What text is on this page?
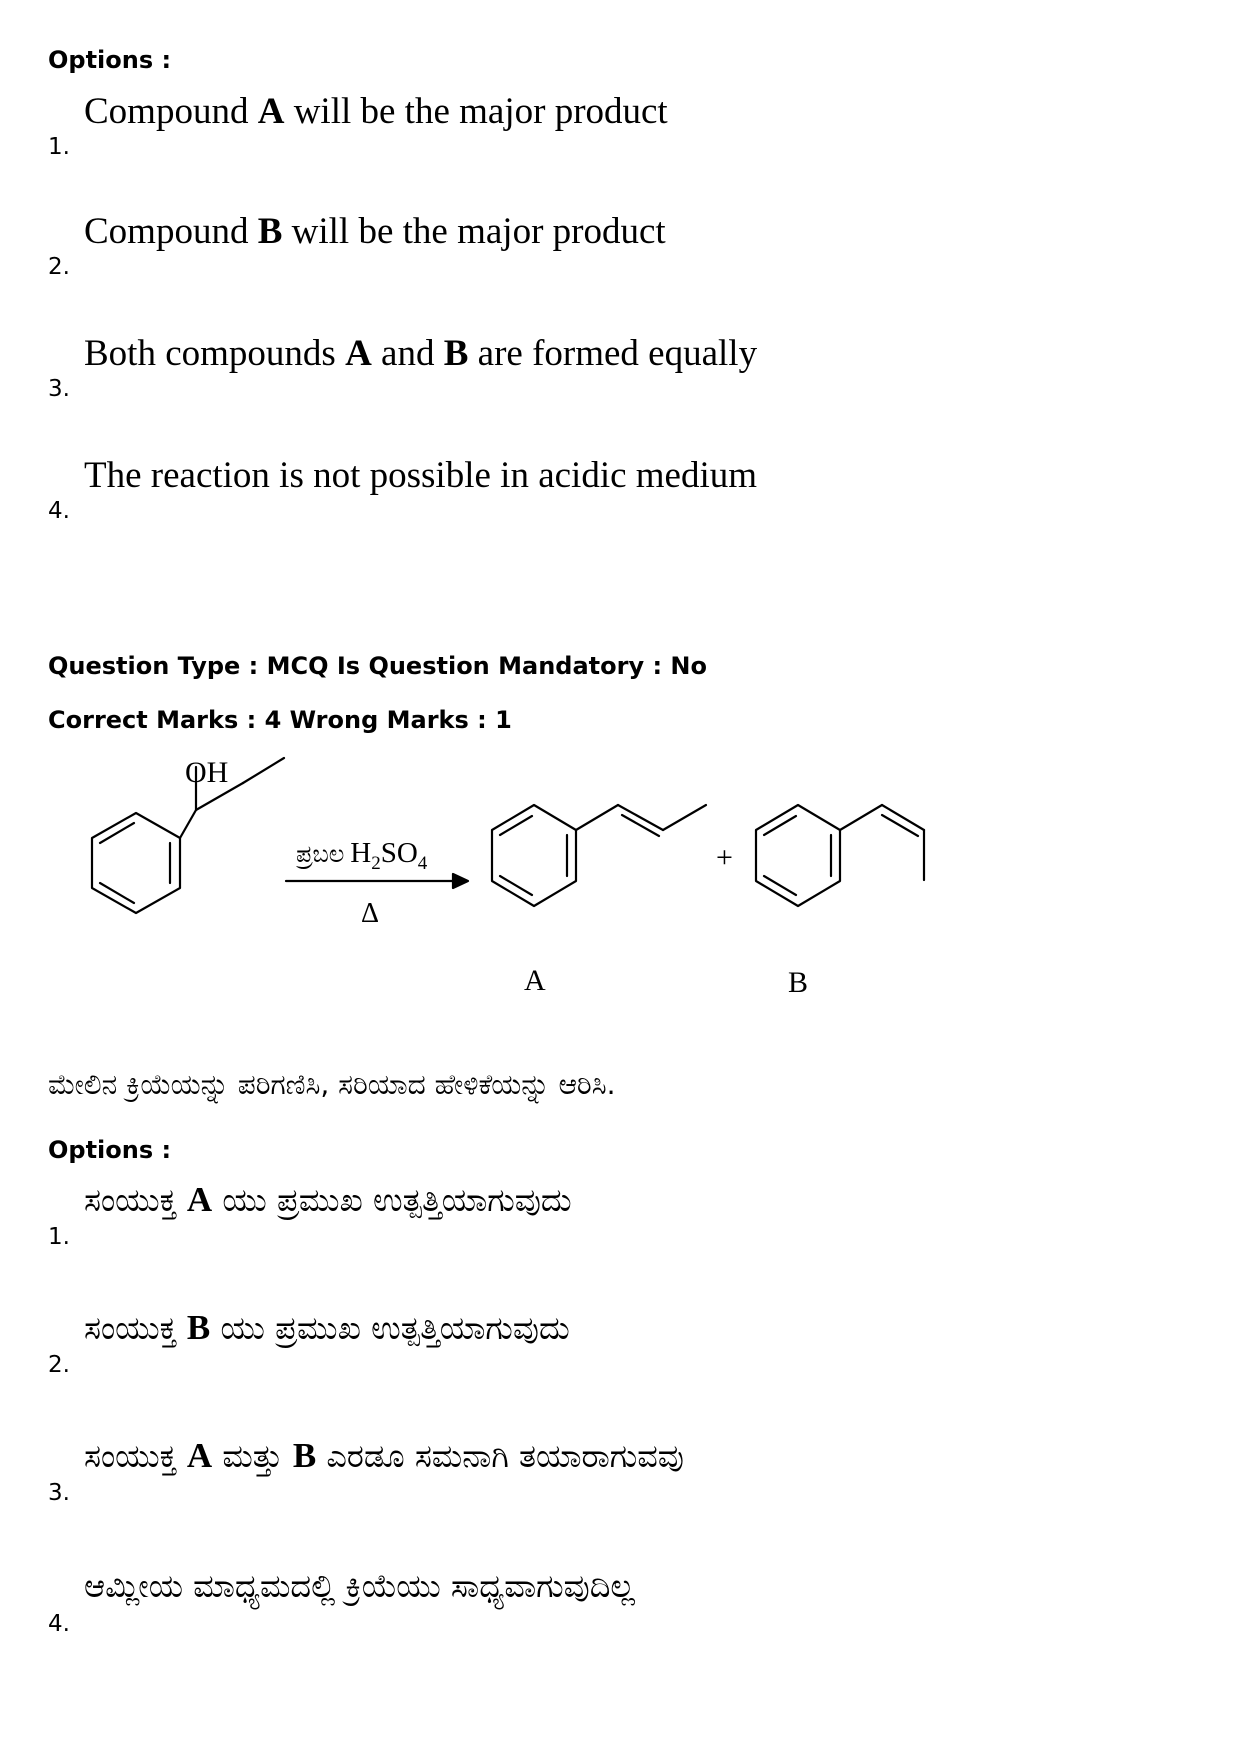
Options :
1.
Compound A will be the major product
2.
Compound B will be the major product
3.
Both compounds A and B are formed equally
4.
The reaction is not possible in acidic medium
Question Type : MCQ Is Question Mandatory : No
Correct Marks : 4 Wrong Marks : 1
OH
ಪ್ರಬಲ $H_2SO_4$
Δ
+
A	B
ಮೇಲಿನ ಕ್ರಿಯೆಯನ್ನು ಪರಿಗಣಿಸಿ, ಸರಿಯಾದ ಹೇಳಿಕೆಯನ್ನು ಆರಿಸಿ.
Options :
1.
ಸಂಯುಕ್ತ A ಯು ಪ್ರಮುಖ ಉತ್ಪತ್ತಿಯಾಗುವುದು
2.
ಸಂಯುಕ್ತ B ಯು ಪ್ರಮುಖ ಉತ್ಪತ್ತಿಯಾಗುವುದು
3.
ಸಂಯುಕ್ತ A ಮತ್ತು B ಎರಡೂ ಸಮನಾಗಿ ತಯಾರಾಗುವವು
4.
ಆಮ್ಲೀಯ ಮಾಧ್ಯಮದಲ್ಲಿ ಕ್ರಿಯೆಯು ಸಾಧ್ಯವಾಗುವುದಿಲ್ಲ
